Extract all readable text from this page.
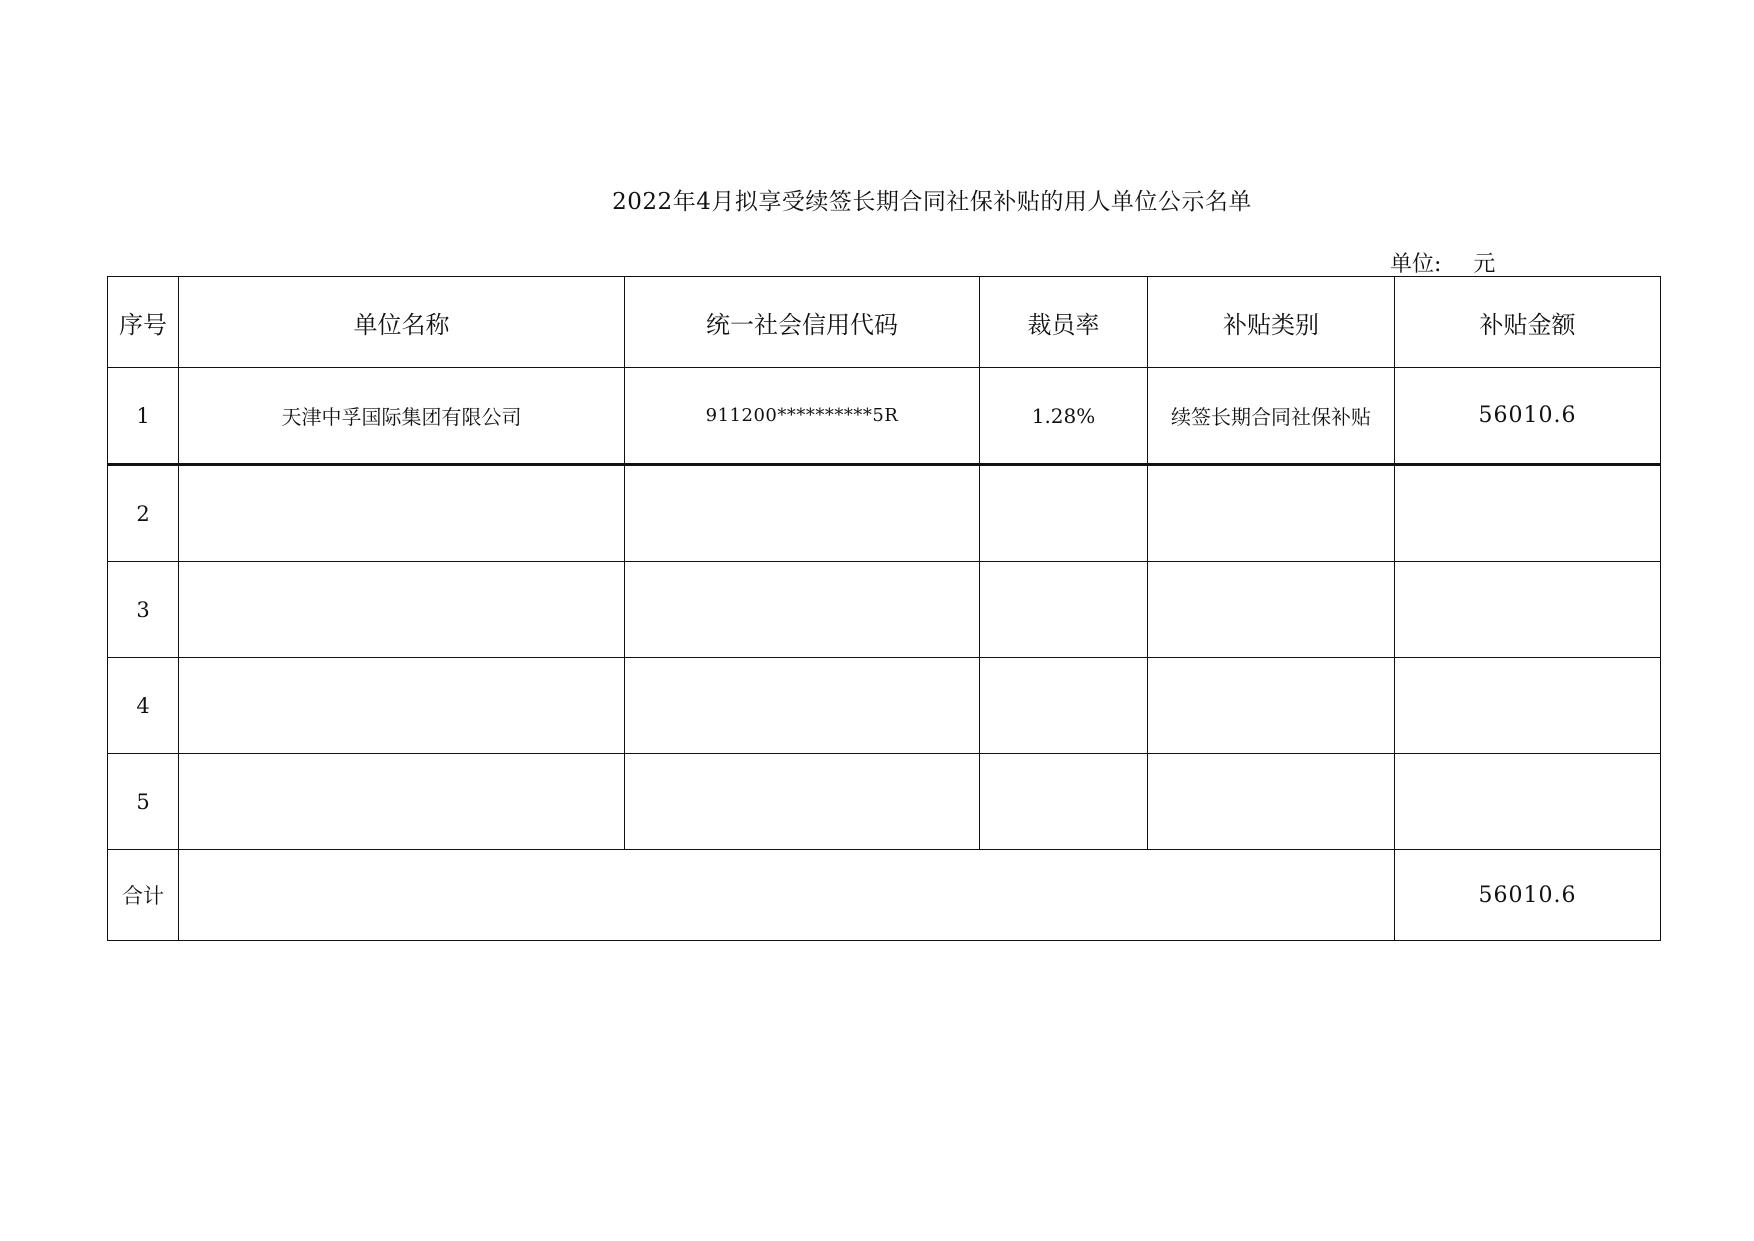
2022年4月拟享受续签长期合同社保补贴的用人单位公示名单
单位: 元
序号	单位名称	统一社会信用代码	裁员率	补贴类别	补贴金额
1	天津中孚国际集团有限公司	911200**********5R	1.28%	续签长期合同社保补贴	56010.6
2					
3					
4					
5					
合计					56010.6
